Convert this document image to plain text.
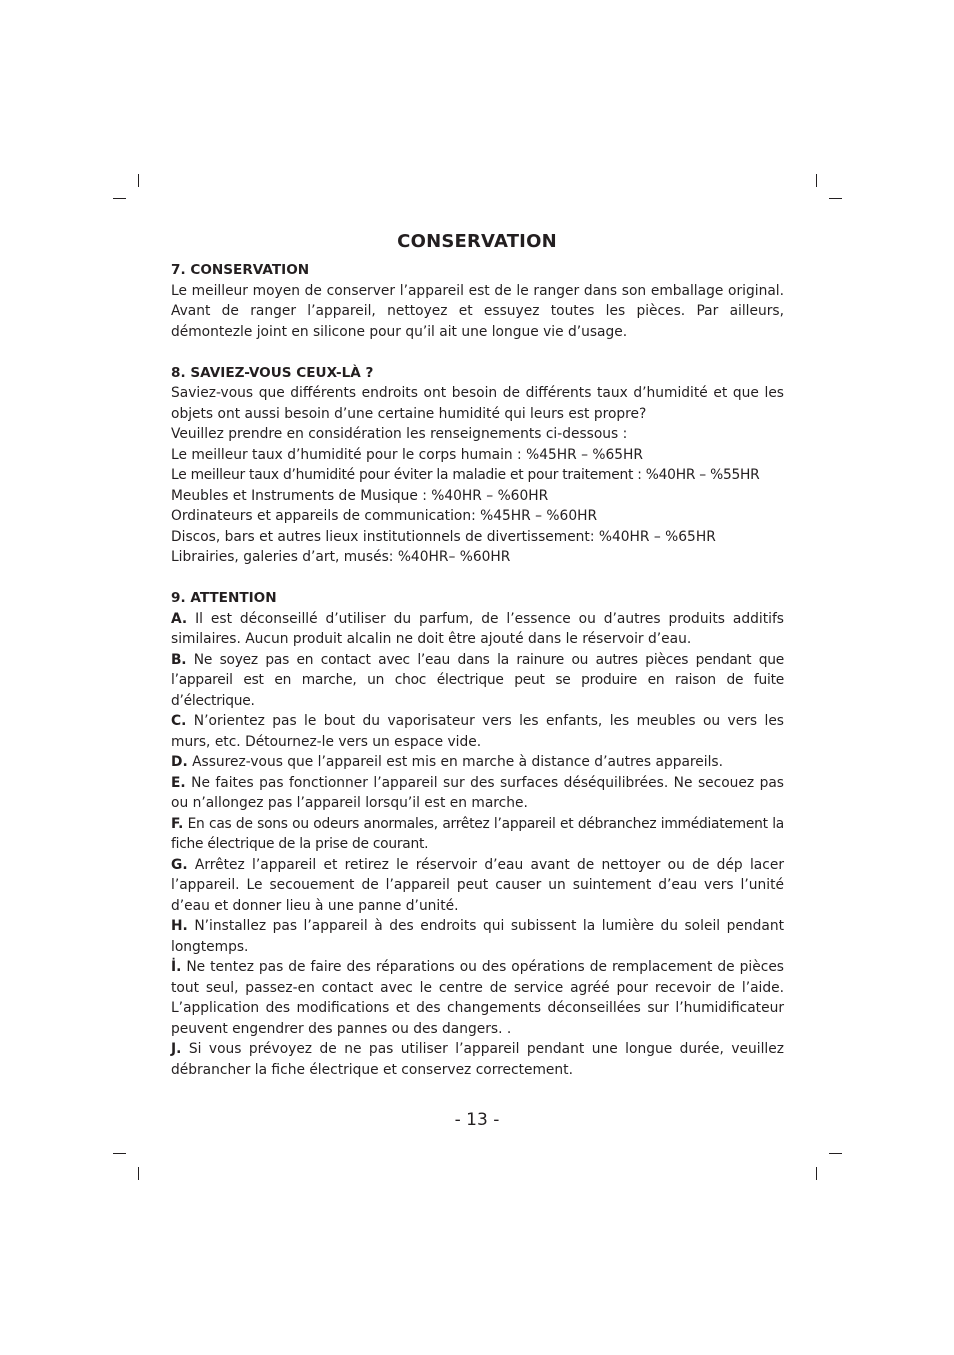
CONSERVATION
7. CONSERVATION

Le meilleur moyen de conserver l’appareil est de le ranger dans son emballage original. Avant de ranger l’appareil, nettoyez et essuyez toutes les pièces. Par ailleurs, démontezle joint en silicone pour qu’il ait une longue vie d’usage.

8. SAVIEZ-VOUS CEUX-LÀ ?

Saviez-vous que différents endroits ont besoin de différents taux d’humidité et que les objets ont aussi besoin d’une certaine humidité qui leurs est propre?

Veuillez prendre en considération les renseignements ci-dessous :

Le meilleur taux d’humidité pour le corps humain : %45HR – %65HR

Le meilleur taux d’humidité pour éviter la maladie et pour traitement : %40HR – %55HR

Meubles et Instruments de Musique : %40HR – %60HR

Ordinateurs et appareils de communication: %45HR – %60HR

Discos, bars et autres lieux institutionnels de divertissement: %40HR – %65HR

Librairies, galeries d’art, musés: %40HR– %60HR

9. ATTENTION

A. Il est déconseillé d’utiliser du parfum, de l’essence ou d’autres produits additifs similaires. Aucun produit alcalin ne doit être ajouté dans le réservoir d’eau.

B. Ne soyez pas en contact avec l’eau dans la rainure ou autres pièces pendant que l’appareil est en marche, un choc électrique peut se produire en raison de fuite d’électrique.

C. N’orientez pas le bout du vaporisateur vers les enfants, les meubles ou vers les murs, etc. Détournez-le vers un espace vide.

D. Assurez-vous que l’appareil est mis en marche à distance d’autres appareils.

E. Ne faites pas fonctionner l’appareil sur des surfaces déséquilibrées. Ne secouez pas ou n’allongez pas l’appareil lorsqu’il est en marche.

F. En cas de sons ou odeurs anormales, arrêtez l’appareil et débranchez immédiatement la fiche électrique de la prise de courant.

G. Arrêtez l’appareil et retirez le réservoir d’eau avant de nettoyer ou de dép lacer l’appareil. Le secouement de l’appareil peut causer un suintement d’eau vers l’unité d’eau et donner lieu à une panne d’unité.

H. N’installez pas l’appareil à des endroits qui subissent la lumière du soleil pendant longtemps.

İ. Ne tentez pas de faire des réparations ou des opérations de remplacement de pièces tout seul, passez-en contact avec le centre de service agréé pour recevoir de l’aide. L’application des modifications et des changements déconseillées sur l’humidificateur peuvent engendrer des pannes ou des dangers. .

J. Si vous prévoyez de ne pas utiliser l’appareil pendant une longue durée, veuillez débrancher la fiche électrique et conservez correctement.

- 13 -
